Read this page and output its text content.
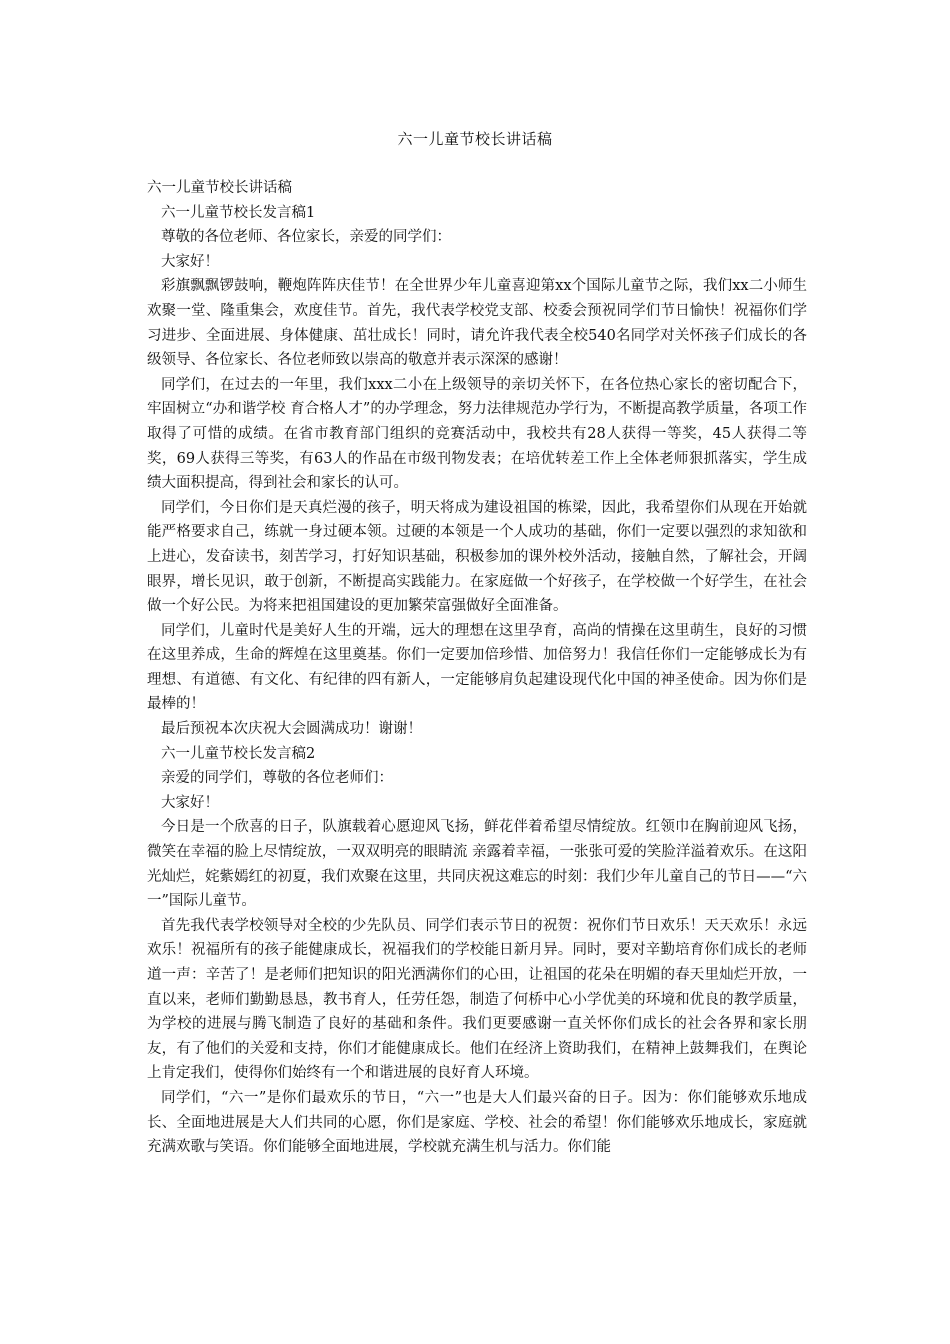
六一儿童节校长讲话稿

六一儿童节校长讲话稿

六一儿童节校长发言稿1

尊敬的各位老师、各位家长，亲爱的同学们：

大家好！

彩旗飘飘锣鼓响，鞭炮阵阵庆佳节！在全世界少年儿童喜迎第xx个国际儿童节之际，我们xx二小师生欢聚一堂、隆重集会，欢度佳节。首先，我代表学校党支部、校委会预祝同学们节日愉快！祝福你们学习进步、全面进展、身体健康、茁壮成长！同时，请允许我代表全校540名同学对关怀孩子们成长的各级领导、各位家长、各位老师致以崇高的敬意并表示深深的感谢！

同学们，在过去的一年里，我们xxx二小在上级领导的亲切关怀下，在各位热心家长的密切配合下，牢固树立“办和谐学校 育合格人才”的办学理念，努力法律规范办学行为，不断提高教学质量，各项工作取得了可惜的成绩。在省市教育部门组织的竞赛活动中，我校共有28人获得一等奖，45人获得二等奖，69人获得三等奖，有63人的作品在市级刊物发表；在培优转差工作上全体老师狠抓落实，学生成绩大面积提高，得到社会和家长的认可。

同学们，今日你们是天真烂漫的孩子，明天将成为建设祖国的栋梁，因此，我希望你们从现在开始就能严格要求自己，练就一身过硬本领。过硬的本领是一个人成功的基础，你们一定要以强烈的求知欲和上进心，发奋读书，刻苦学习，打好知识基础，积极参加的课外校外活动，接触自然，了解社会，开阔眼界，增长见识，敢于创新，不断提高实践能力。在家庭做一个好孩子，在学校做一个好学生，在社会做一个好公民。为将来把祖国建设的更加繁荣富强做好全面准备。

同学们，儿童时代是美好人生的开端，远大的理想在这里孕育，高尚的情操在这里萌生，良好的习惯在这里养成，生命的辉煌在这里奠基。你们一定要加倍珍惜、加倍努力！我信任你们一定能够成长为有理想、有道德、有文化、有纪律的四有新人，一定能够肩负起建设现代化中国的神圣使命。因为你们是最棒的！

最后预祝本次庆祝大会圆满成功！谢谢！

六一儿童节校长发言稿2

亲爱的同学们，尊敬的各位老师们：

大家好！

今日是一个欣喜的日子，队旗载着心愿迎风飞扬，鲜花伴着希望尽情绽放。红领巾在胸前迎风飞扬，微笑在幸福的脸上尽情绽放，一双双明亮的眼睛流 亲露着幸福，一张张可爱的笑脸洋溢着欢乐。在这阳光灿烂，姹紫嫣红的初夏，我们欢聚在这里，共同庆祝这难忘的时刻：我们少年儿童自己的节日——“六一”国际儿童节。

首先我代表学校领导对全校的少先队员、同学们表示节日的祝贺：祝你们节日欢乐！天天欢乐！永远欢乐！祝福所有的孩子能健康成长，祝福我们的学校能日新月异。同时，要对辛勤培育你们成长的老师道一声：辛苦了！是老师们把知识的阳光洒满你们的心田，让祖国的花朵在明媚的春天里灿烂开放，一直以来，老师们勤勤恳恳，教书育人，任劳任怨，制造了何桥中心小学优美的环境和优良的教学质量，为学校的进展与腾飞制造了良好的基础和条件。我们更要感谢一直关怀你们成长的社会各界和家长朋友，有了他们的关爱和支持，你们才能健康成长。他们在经济上资助我们，在精神上鼓舞我们，在舆论上肯定我们，使得你们始终有一个和谐进展的良好育人环境。

同学们，“六一”是你们最欢乐的节日，“六一”也是大人们最兴奋的日子。因为：你们能够欢乐地成长、全面地进展是大人们共同的心愿，你们是家庭、学校、社会的希望！你们能够欢乐地成长，家庭就充满欢歌与笑语。你们能够全面地进展，学校就充满生机与活力。你们能
